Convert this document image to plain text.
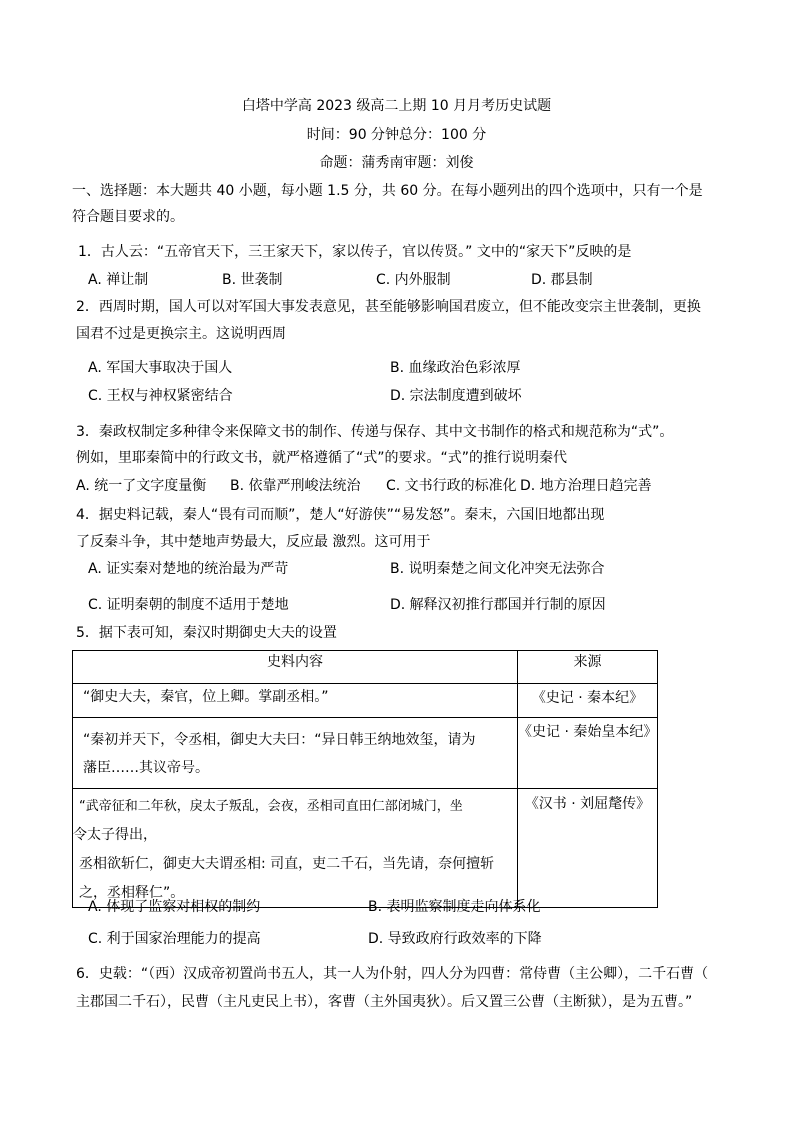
白塔中学高 2023 级高二上期 10 月月考历史试题
时间：90 分钟总分：100 分
命题：蒲秀南审题：刘俊
一、选择题：本大题共 40 小题，每小题 1.5 分，共 60 分。在每小题列出的四个选项中，只有一个是
符合题目要求的。
1．古人云：“五帝官天下，三王家天下，家以传子，官以传贤。” 文中的“家天下”反映的是
A. 禅让制	B. 世袭制	C. 内外服制	D. 郡县制
2．西周时期，国人可以对军国大事发表意见，甚至能够影响国君废立，但不能改变宗主世袭制，更换
国君不过是更换宗主。这说明西周
A. 军国大事取决于国人	B. 血缘政治色彩浓厚
C. 王权与神权紧密结合	D. 宗法制度遭到破坏
3．秦政权制定多种律令来保障文书的制作、传递与保存、其中文书制作的格式和规范称为“式”。
例如，里耶秦简中的行政文书，就严格遵循了“式”的要求。“式”的推行说明秦代
A. 统一了文字度量衡 B. 依靠严刑峻法统治 C. 文书行政的标准化 D. 地方治理日趋完善
4．据史料记载，秦人“畏有司而顺”，楚人“好游侠”“易发怒”。秦末，六国旧地都出现
了反秦斗争，其中楚地声势最大，反应最 激烈。这可用于
A. 证实秦对楚地的统治最为严苛	B. 说明秦楚之间文化冲突无法弥合
C. 证明秦朝的制度不适用于楚地	D. 解释汉初推行郡国并行制的原因
5．据下表可知，秦汉时期御史大夫的设置
史料内容	来源

“御史大夫，秦官，位上卿。掌副丞相。”	《史记 · 秦本纪》

“秦初并天下，令丞相，御史大夫曰：“异日韩王纳地效玺，请为
藩臣……其议帝号。	《史记 · 秦始皇本纪》

“武帝征和二年秋，戾太子叛乱，会夜，丞相司直田仁部闭城门，坐
令太子得出，
丞相欲斩仁，御吏大夫谓丞相: 司直，吏二千石，当先请，奈何擅斩
之，丞相释仁”。	《汉书 · 刘屈氂传》
A. 体现了监察对相权的制约	B. 表明监察制度走向体系化
C. 利于国家治理能力的提高	D. 导致政府行政效率的下降
6．史载：“（西）汉成帝初置尚书五人，其一人为仆射，四人分为四曹：常侍曹（主公卿），二千石曹（
主郡国二千石），民曹（主凡吏民上书），客曹（主外国夷狄）。后又置三公曹（主断狱），是为五曹。”
